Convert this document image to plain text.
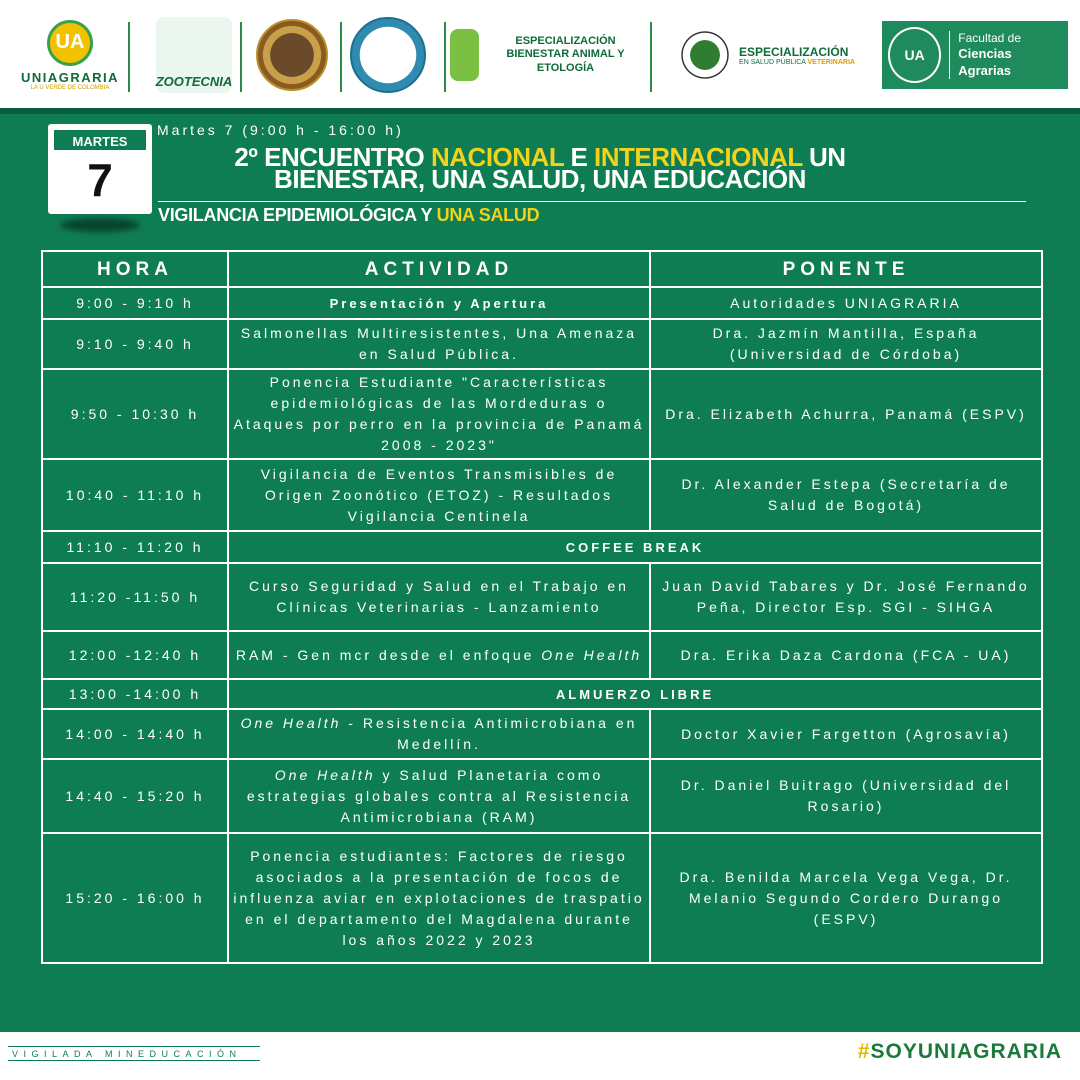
UA
UNIAGRARIA
LA U VERDE DE COLOMBIA	ZOOTECNIA
ESPECIALIZACIÓN BIENESTAR ANIMAL Y ETOLOGÍA
ESPECIALIZACIÓN
EN SALUD PÚBLICA VETERINARIA	UA
Facultad de
Ciencias Agrarias
MARTES
7
Martes 7 (9:00 h - 16:00 h)
2º ENCUENTRO NACIONAL E INTERNACIONAL UN
BIENESTAR, UNA SALUD, UNA EDUCACIÓN
VIGILANCIA EPIDEMIOLÓGICA Y UNA SALUD
HORA	ACTIVIDAD	PONENTE
9:00 - 9:10 h	Presentación y Apertura	Autoridades UNIAGRARIA
9:10 - 9:40 h	Salmonellas Multiresistentes, Una Amenaza en Salud Pública.	Dra. Jazmín Mantilla, España (Universidad de Córdoba)
9:50 - 10:30 h	Ponencia Estudiante "Características epidemiológicas de las Mordeduras o Ataques por perro en la provincia de Panamá 2008 - 2023"	Dra. Elizabeth Achurra, Panamá (ESPV)
10:40 - 11:10 h	Vigilancia de Eventos Transmisibles de Origen Zoonótico (ETOZ) - Resultados Vigilancia Centinela	Dr. Alexander Estepa (Secretaría de Salud de Bogotá)
11:10 - 11:20 h	COFFEE BREAK	
11:20 -11:50 h	Curso Seguridad y Salud en el Trabajo en Clínicas Veterinarias - Lanzamiento	Juan David Tabares y Dr. José Fernando Peña, Director Esp. SGI - SIHGA
12:00 -12:40 h	RAM - Gen mcr desde el enfoque One Health	Dra. Erika Daza Cardona (FCA - UA)
13:00 -14:00 h	ALMUERZO LIBRE	
14:00 - 14:40 h	One Health - Resistencia Antimicrobiana en Medellín.	Doctor Xavier Fargetton (Agrosavía)
14:40 - 15:20 h	One Health y Salud Planetaria como estrategias globales contra al Resistencia Antimicrobiana (RAM)	Dr. Daniel Buitrago (Universidad del Rosario)
15:20 - 16:00 h	Ponencia estudiantes: Factores de riesgo asociados a la presentación de focos de influenza aviar en explotaciones de traspatio en el departamento del Magdalena durante los años 2022 y 2023	Dra. Benilda Marcela Vega Vega, Dr. Melanio Segundo Cordero Durango (ESPV)
VIGILADA MINEDUCACIÓN	#SOYUNIAGRARIA
